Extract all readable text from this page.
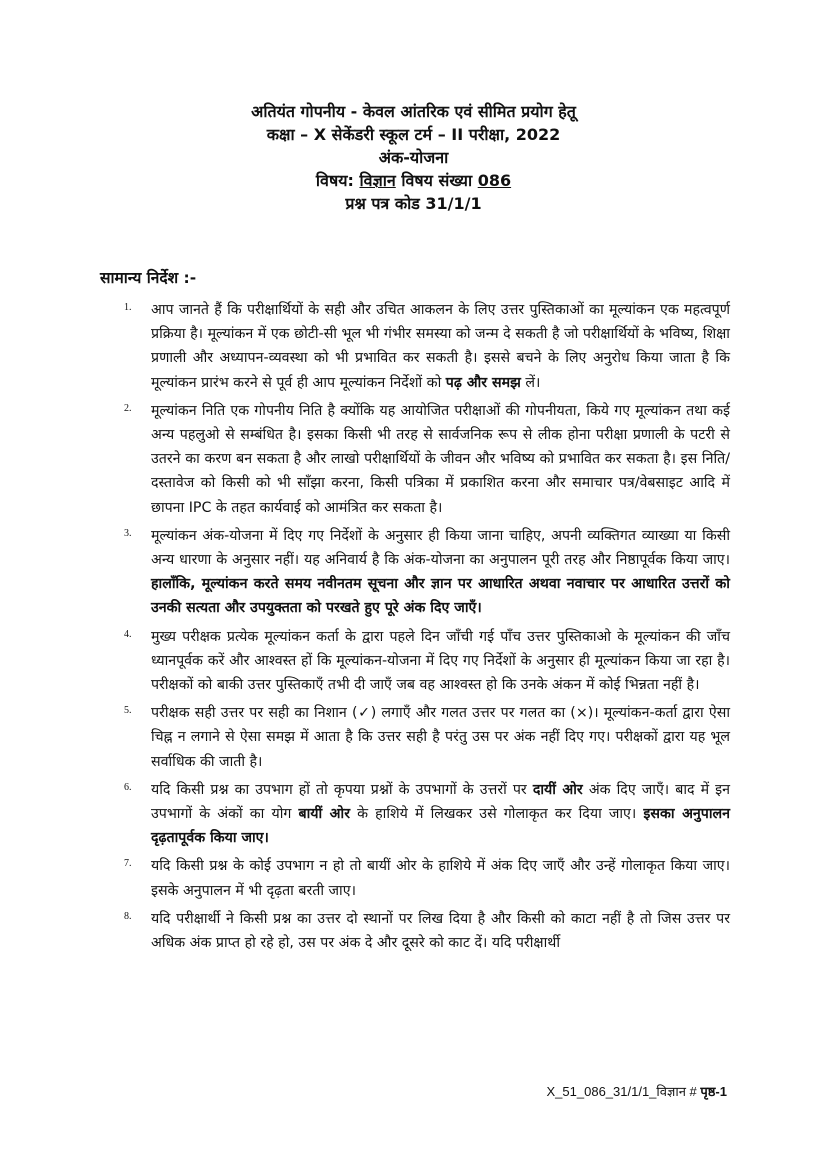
अतियंत गोपनीय - केवल आंतरिक एवं सीमित प्रयोग हेतू
कक्षा – X सेकेंडरी स्कूल टर्म – II परीक्षा, 2022
अंक-योजना
विषय: विज्ञान विषय संख्या 086
प्रश्न पत्र कोड 31/1/1
सामान्य निर्देश :-
1. आप जानते हैं कि परीक्षार्थियों के सही और उचित आकलन के लिए उत्तर पुस्तिकाओं का मूल्यांकन एक महत्वपूर्ण प्रक्रिया है। मूल्यांकन में एक छोटी-सी भूल भी गंभीर समस्या को जन्म दे सकती है जो परीक्षार्थियों के भविष्य, शिक्षा प्रणाली और अध्यापन-व्यवस्था को भी प्रभावित कर सकती है। इससे बचने के लिए अनुरोध किया जाता है कि मूल्यांकन प्रारंभ करने से पूर्व ही आप मूल्यांकन निर्देशों को पढ़ और समझ लें।
2. मूल्यांकन निति एक गोपनीय निति है क्योंकि यह आयोजित परीक्षाओं की गोपनीयता, किये गए मूल्यांकन तथा कई अन्य पहलुओ से सम्बंधित है। इसका किसी भी तरह से सार्वजनिक रूप से लीक होना परीक्षा प्रणाली के पटरी से उतरने का करण बन सकता है और लाखो परीक्षार्थियों के जीवन और भविष्य को प्रभावित कर सकता है। इस निति/दस्तावेज को किसी को भी साँझा करना, किसी पत्रिका में प्रकाशित करना और समाचार पत्र/वेबसाइट आदि में छापना IPC के तहत कार्यवाई को आमंत्रित कर सकता है।
3. मूल्यांकन अंक-योजना में दिए गए निर्देशों के अनुसार ही किया जाना चाहिए, अपनी व्यक्तिगत व्याख्या या किसी अन्य धारणा के अनुसार नहीं। यह अनिवार्य है कि अंक-योजना का अनुपालन पूरी तरह और निष्ठापूर्वक किया जाए। हालाँकि, मूल्यांकन करते समय नवीनतम सूचना और ज्ञान पर आधारित अथवा नवाचार पर आधारित उत्तरों को उनकी सत्यता और उपयुक्तता को परखते हुए पूरे अंक दिए जाएँ।
4. मुख्य परीक्षक प्रत्येक मूल्यांकन कर्ता के द्वारा पहले दिन जाँची गई पाँच उत्तर पुस्तिकाओ के मूल्यांकन की जाँच ध्यानपूर्वक करें और आश्वस्त हों कि मूल्यांकन-योजना में दिए गए निर्देशों के अनुसार ही मूल्यांकन किया जा रहा है। परीक्षकों को बाकी उत्तर पुस्तिकाएँ तभी दी जाएँ जब वह आश्वस्त हो कि उनके अंकन में कोई भिन्नता नहीं है।
5. परीक्षक सही उत्तर पर सही का निशान (✓) लगाएँ और गलत उत्तर पर गलत का (×)। मूल्यांकन-कर्ता द्वारा ऐसा चिह्न न लगाने से ऐसा समझ में आता है कि उत्तर सही है परंतु उस पर अंक नहीं दिए गए। परीक्षकों द्वारा यह भूल सर्वाधिक की जाती है।
6. यदि किसी प्रश्न का उपभाग हों तो कृपया प्रश्नों के उपभागों के उत्तरों पर दायीं ओर अंक दिए जाएँ। बाद में इन उपभागों के अंकों का योग बायीं ओर के हाशिये में लिखकर उसे गोलाकृत कर दिया जाए। इसका अनुपालन दृढ़तापूर्वक किया जाए।
7. यदि किसी प्रश्न के कोई उपभाग न हो तो बायीं ओर के हाशिये में अंक दिए जाएँ और उन्हें गोलाकृत किया जाए। इसके अनुपालन में भी दृढ़ता बरती जाए।
8. यदि परीक्षार्थी ने किसी प्रश्न का उत्तर दो स्थानों पर लिख दिया है और किसी को काटा नहीं है तो जिस उत्तर पर अधिक अंक प्राप्त हो रहे हो, उस पर अंक दे और दूसरे को काट दें। यदि परीक्षार्थी
X_51_086_31/1/1_विज्ञान # पृष्ठ-1
